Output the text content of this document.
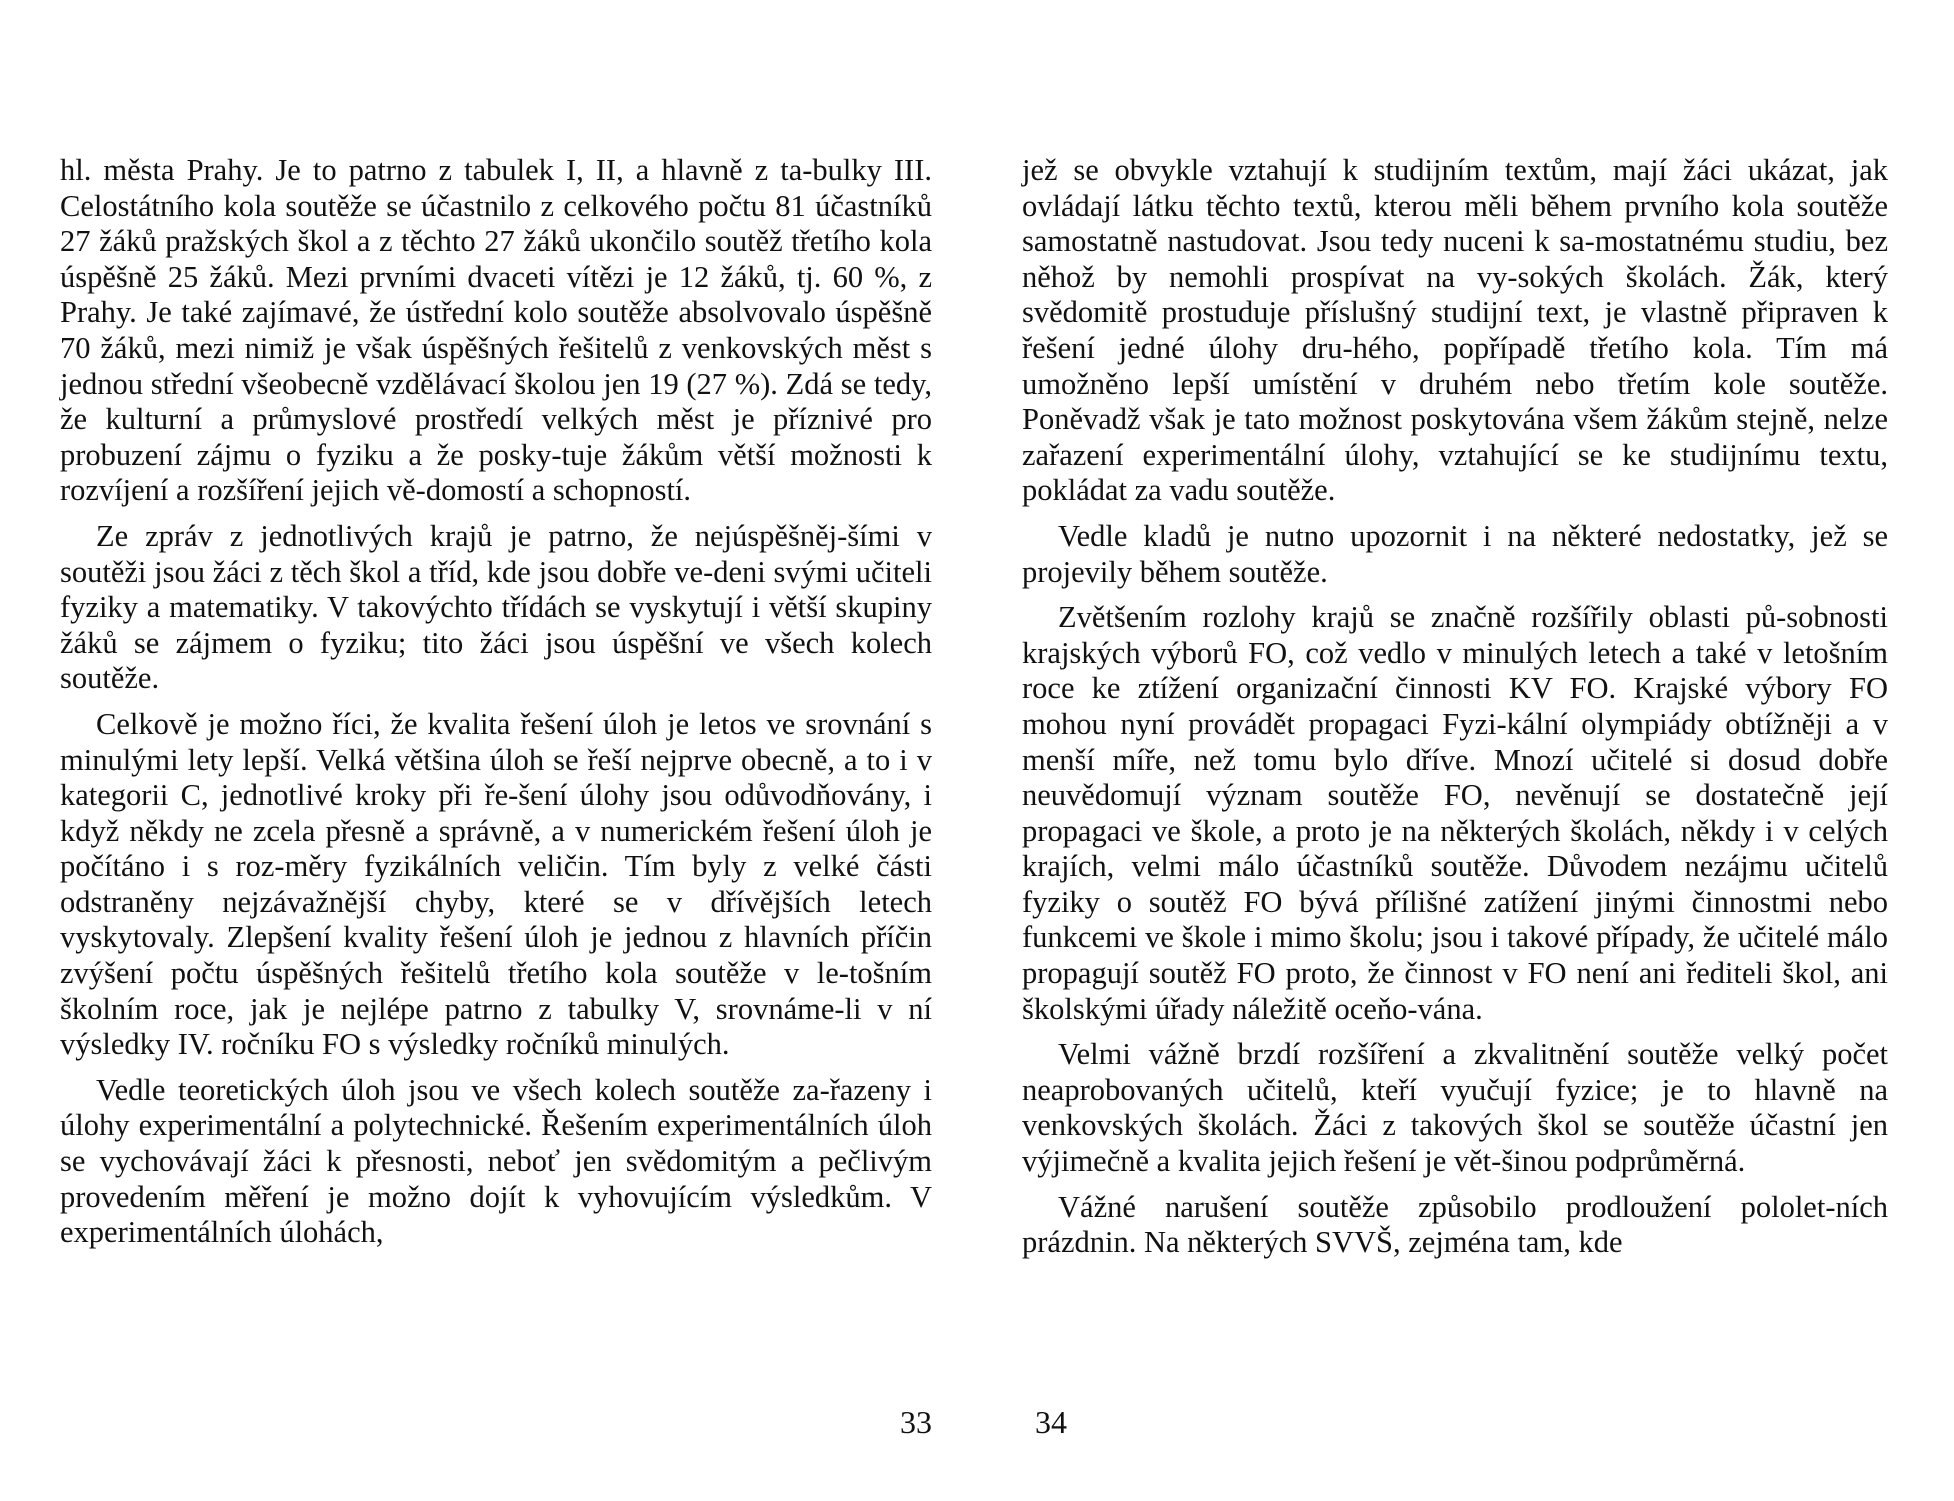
hl. města Prahy. Je to patrno z tabulek I, II, a hlavně z ta-bulky III. Celostátního kola soutěže se účastnilo z celkového počtu 81 účastníků 27 žáků pražských škol a z těchto 27 žáků ukončilo soutěž třetího kola úspěšně 25 žáků. Mezi prvními dvaceti vítězi je 12 žáků, tj. 60 %, z Prahy. Je také zajímavé, že ústřední kolo soutěže absolvovalo úspěšně 70 žáků, mezi nimiž je však úspěšných řešitelů z venkovských měst s jednou střední všeobecně vzdělávací školou jen 19 (27 %). Zdá se tedy, že kulturní a průmyslové prostředí velkých měst je příznivé pro probuzení zájmu o fyziku a že posky-tuje žákům větší možnosti k rozvíjení a rozšíření jejich vě-domostí a schopností.

Ze zpráv z jednotlivých krajů je patrno, že nejúspěšněj-šími v soutěži jsou žáci z těch škol a tříd, kde jsou dobře ve-deni svými učiteli fyziky a matematiky. V takovýchto třídách se vyskytují i větší skupiny žáků se zájmem o fyziku; tito žáci jsou úspěšní ve všech kolech soutěže.

Celkově je možno říci, že kvalita řešení úloh je letos ve srovnání s minulými lety lepší. Velká většina úloh se řeší nejprve obecně, a to i v kategorii C, jednotlivé kroky při ře-šení úlohy jsou odůvodňovány, i když někdy ne zcela přesně a správně, a v numerickém řešení úloh je počítáno i s roz-měry fyzikálních veličin. Tím byly z velké části odstraněny nejzávažnější chyby, které se v dřívějších letech vyskytovaly. Zlepšení kvality řešení úloh je jednou z hlavních příčin zvýšení počtu úspěšných řešitelů třetího kola soutěže v le-tošním školním roce, jak je nejlépe patrno z tabulky V, srovnáme-li v ní výsledky IV. ročníku FO s výsledky ročníků minulých.

Vedle teoretických úloh jsou ve všech kolech soutěže za-řazeny i úlohy experimentální a polytechnické. Řešením experimentálních úloh se vychovávají žáci k přesnosti, neboť jen svědomitým a pečlivým provedením měření je možno dojít k vyhovujícím výsledkům. V experimentálních úlohách,

33

jež se obvykle vztahují k studijním textům, mají žáci ukázat, jak ovládají látku těchto textů, kterou měli během prvního kola soutěže samostatně nastudovat. Jsou tedy nuceni k sa-mostatnému studiu, bez něhož by nemohli prospívat na vy-sokých školách. Žák, který svědomitě prostuduje příslušný studijní text, je vlastně připraven k řešení jedné úlohy dru-hého, popřípadě třetího kola. Tím má umožněno lepší umístění v druhém nebo třetím kole soutěže. Poněvadž však je tato možnost poskytována všem žákům stejně, nelze zařazení experimentální úlohy, vztahující se ke studijnímu textu, pokládat za vadu soutěže.

Vedle kladů je nutno upozornit i na některé nedostatky, jež se projevily během soutěže.

Zvětšením rozlohy krajů se značně rozšířily oblasti pů-sobnosti krajských výborů FO, což vedlo v minulých letech a také v letošním roce ke ztížení organizační činnosti KV FO. Krajské výbory FO mohou nyní provádět propagaci Fyzi-kální olympiády obtížněji a v menší míře, než tomu bylo dříve. Mnozí učitelé si dosud dobře neuvědomují význam soutěže FO, nevěnují se dostatečně její propagaci ve škole, a proto je na některých školách, někdy i v celých krajích, velmi málo účastníků soutěže. Důvodem nezájmu učitelů fyziky o soutěž FO bývá přílišné zatížení jinými činnostmi nebo funkcemi ve škole i mimo školu; jsou i takové případy, že učitelé málo propagují soutěž FO proto, že činnost v FO není ani řediteli škol, ani školskými úřady náležitě oceňo-vána.

Velmi vážně brzdí rozšíření a zkvalitnění soutěže velký počet neaprobovaných učitelů, kteří vyučují fyzice; je to hlavně na venkovských školách. Žáci z takových škol se soutěže účastní jen výjimečně a kvalita jejich řešení je vět-šinou podprůměrná.

Vážné narušení soutěže způsobilo prodloužení pololet-ních prázdnin. Na některých SVVŠ, zejména tam, kde

34
